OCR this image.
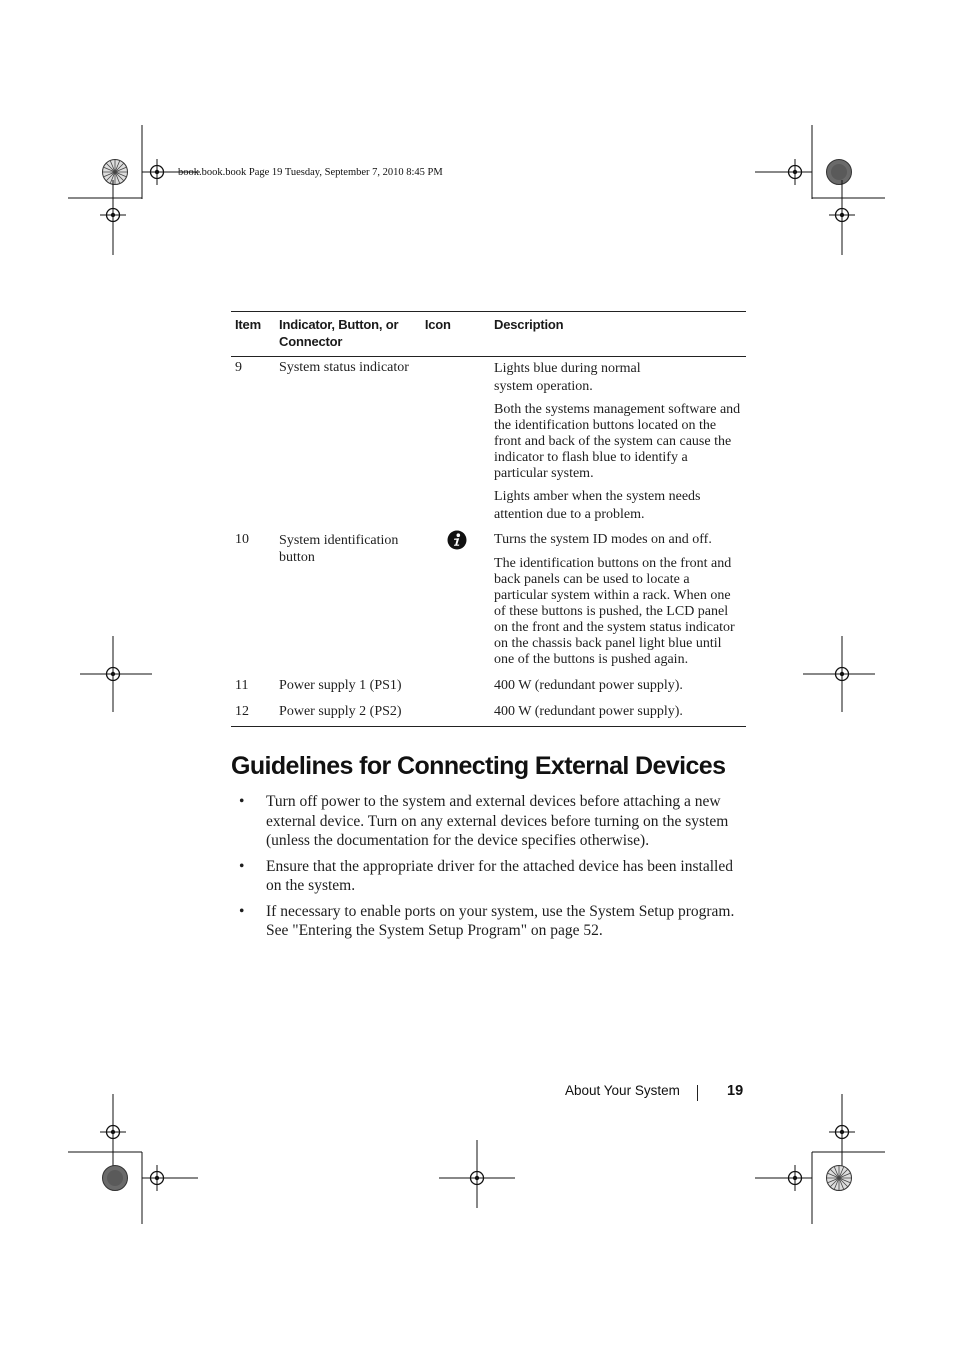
book.book.book Page 19 Tuesday, September 7, 2010 8:45 PM
Item	Indicator, Button, or Connector	Icon	Description
9	System status indicator		Lights blue during normal system operation.

Both the systems management software and the identification buttons located on the front and back of the system can cause the indicator to flash blue to identify a particular system.

Lights amber when the system needs attention due to a problem.

10	System identification button		Turns the system ID modes on and off.

The identification buttons on the front and back panels can be used to locate a particular system within a rack. When one of these buttons is pushed, the LCD panel on the front and the system status indicator on the chassis back panel light blue until one of the buttons is pushed again.

11	Power supply 1 (PS1)		400 W (redundant power supply).

12	Power supply 2 (PS2)		400 W (redundant power supply).

Guidelines for Connecting External Devices
• Turn off power to the system and external devices before attaching a new external device. Turn on any external devices before turning on the system (unless the documentation for the device specifies otherwise).
• Ensure that the appropriate driver for the attached device has been installed on the system.
• If necessary to enable ports on your system, use the System Setup program. See "Entering the System Setup Program" on page 52.
About Your System	19
